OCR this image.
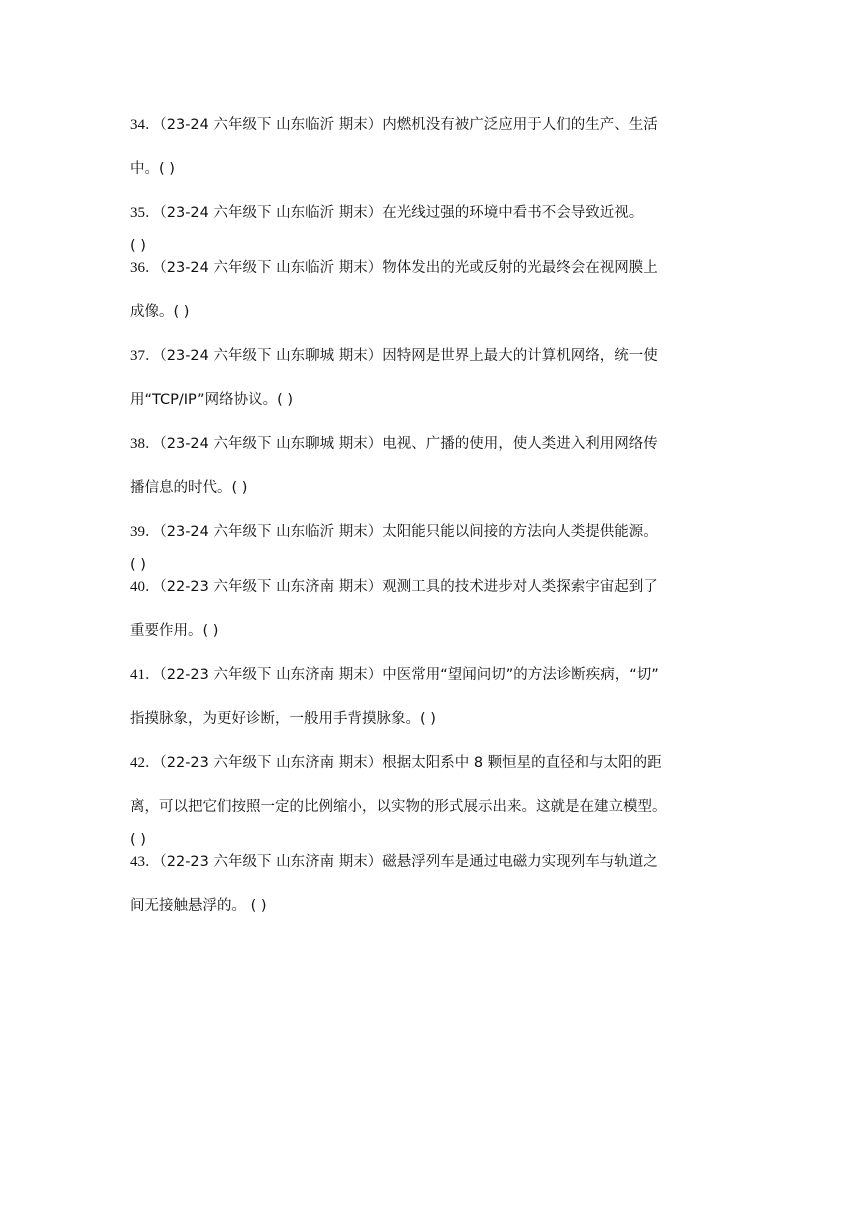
34．（23-24 六年级下 山东临沂 期末）内燃机没有被广泛应用于人们的生产、生活
中。( )
35．（23-24 六年级下 山东临沂 期末）在光线过强的环境中看书不会导致近视。
( )
36．（23-24 六年级下 山东临沂 期末）物体发出的光或反射的光最终会在视网膜上
成像。( )
37．（23-24 六年级下 山东聊城 期末）因特网是世界上最大的计算机网络，统一使
用“TCP/IP”网络协议。( )
38．（23-24 六年级下 山东聊城 期末）电视、广播的使用，使人类进入利用网络传
播信息的时代。( )
39．（23-24 六年级下 山东临沂 期末）太阳能只能以间接的方法向人类提供能源。
( )
40．（22-23 六年级下 山东济南 期末）观测工具的技术进步对人类探索宇宙起到了
重要作用。( )
41．（22-23 六年级下 山东济南 期末）中医常用“望闻问切”的方法诊断疾病，“切”
指摸脉象，为更好诊断，一般用手背摸脉象。( )
42．（22-23 六年级下 山东济南 期末）根据太阳系中 8 颗恒星的直径和与太阳的距
离，可以把它们按照一定的比例缩小，以实物的形式展示出来。这就是在建立模型。
( )
43．（22-23 六年级下 山东济南 期末）磁悬浮列车是通过电磁力实现列车与轨道之
间无接触悬浮的。 ( )
